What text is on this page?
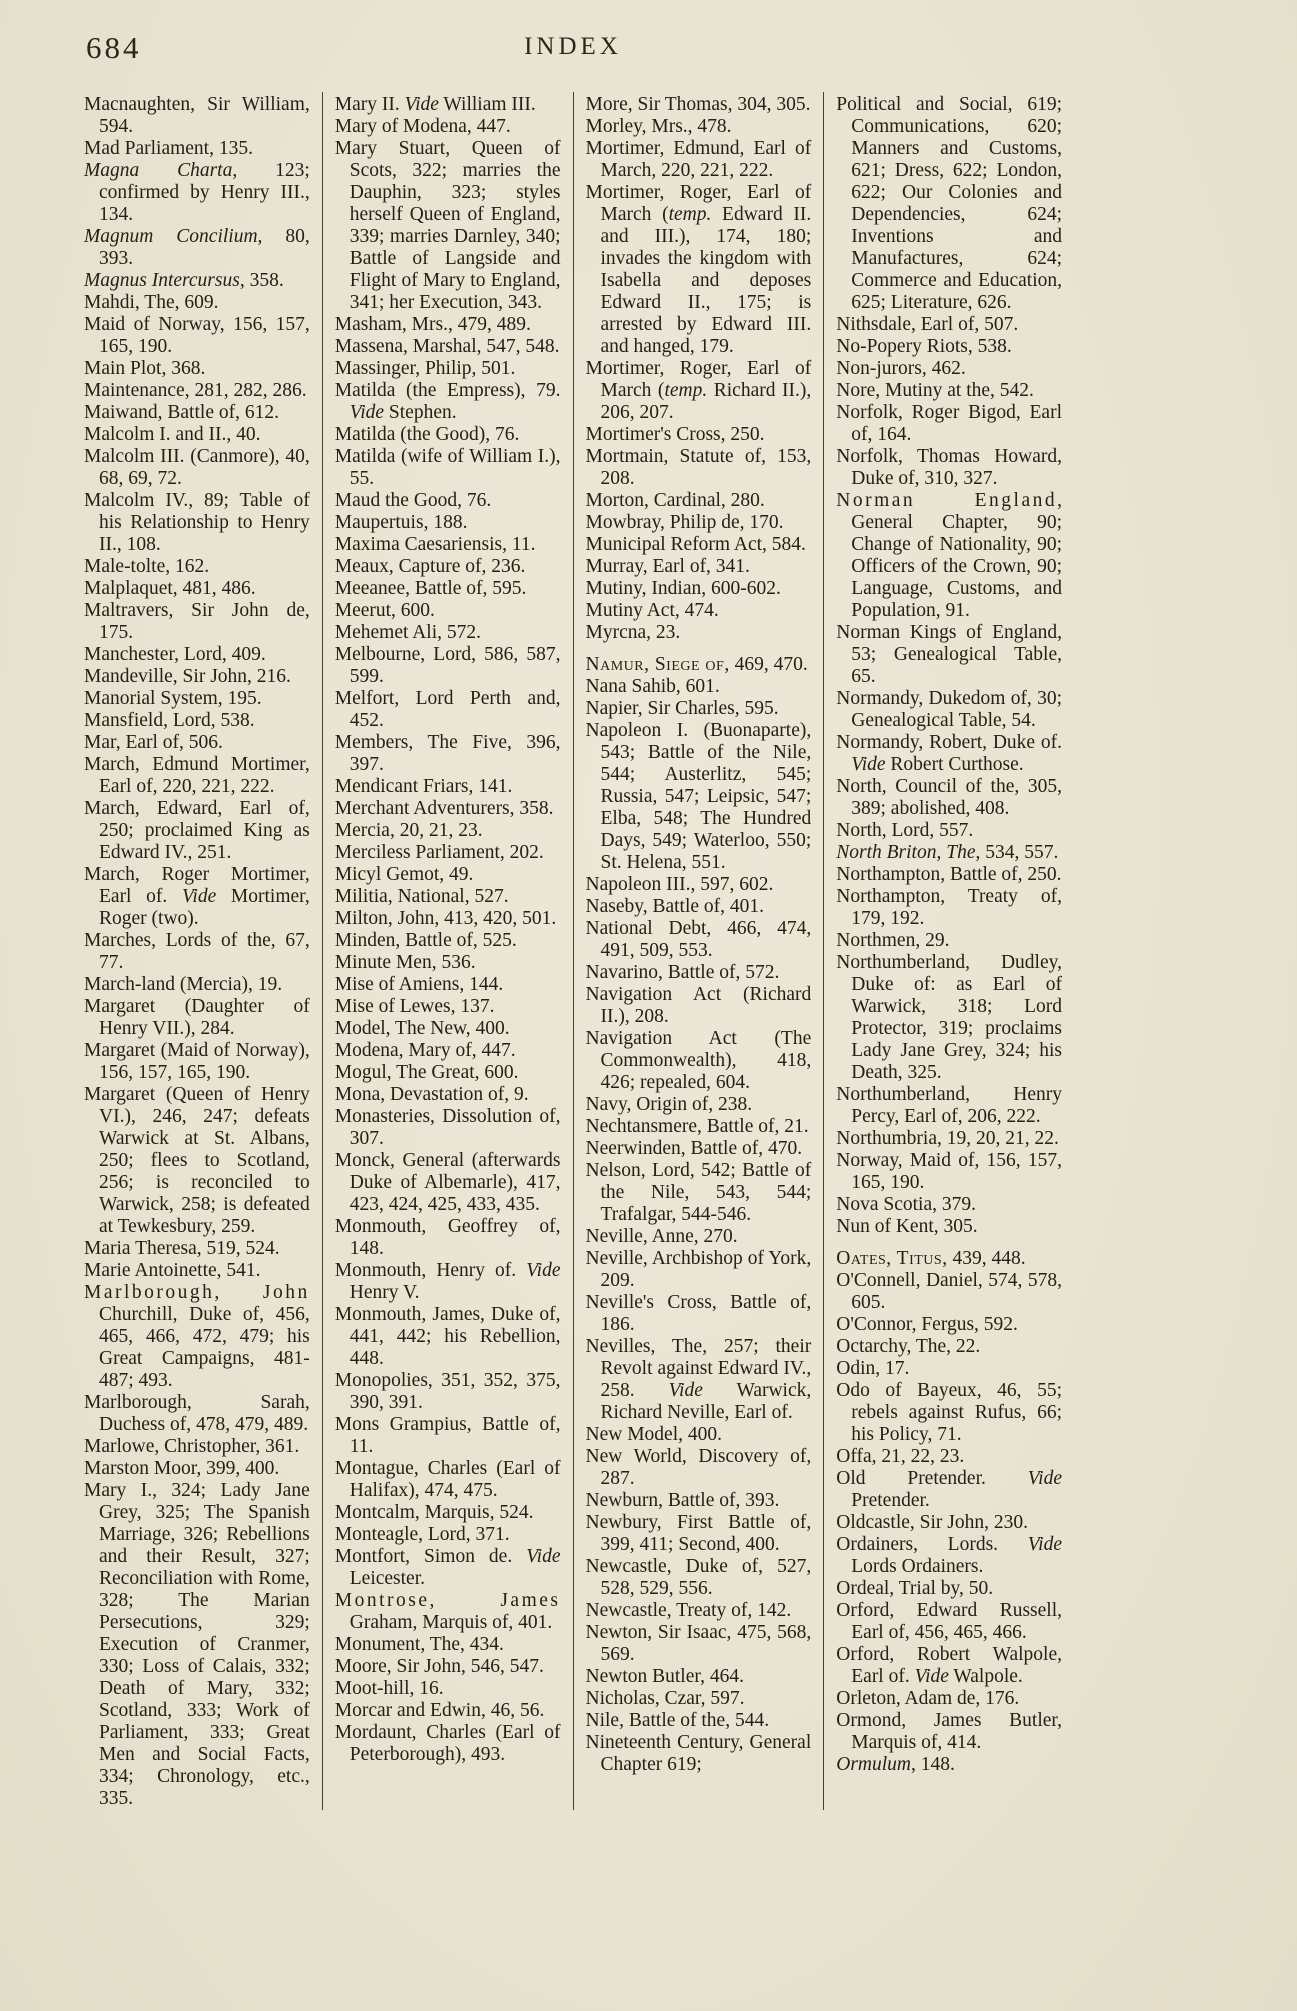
684	INDEX

Macnaughten, Sir William, 594.

Mad Parliament, 135.

Magna Charta, 123; confirmed by Henry III., 134.

Magnum Concilium, 80, 393.

Magnus Intercursus, 358.

Mahdi, The, 609.

Maid of Norway, 156, 157, 165, 190.

Main Plot, 368.

Maintenance, 281, 282, 286.

Maiwand, Battle of, 612.

Malcolm I. and II., 40.

Malcolm III. (Canmore), 40, 68, 69, 72.

Malcolm IV., 89; Table of his Relationship to Henry II., 108.

Male-tolte, 162.

Malplaquet, 481, 486.

Maltravers, Sir John de, 175.

Manchester, Lord, 409.

Mandeville, Sir John, 216.

Manorial System, 195.

Mansfield, Lord, 538.

Mar, Earl of, 506.

March, Edmund Mortimer, Earl of, 220, 221, 222.

March, Edward, Earl of, 250; proclaimed King as Edward IV., 251.

March, Roger Mortimer, Earl of. Vide Mortimer, Roger (two).

Marches, Lords of the, 67, 77.

March-land (Mercia), 19.

Margaret (Daughter of Henry VII.), 284.

Margaret (Maid of Norway), 156, 157, 165, 190.

Margaret (Queen of Henry VI.), 246, 247; defeats Warwick at St. Albans, 250; flees to Scotland, 256; is reconciled to Warwick, 258; is defeated at Tewkesbury, 259.

Maria Theresa, 519, 524.

Marie Antoinette, 541.

Marlborough, John Churchill, Duke of, 456, 465, 466, 472, 479; his Great Campaigns, 481-487; 493.

Marlborough, Sarah, Duchess of, 478, 479, 489.

Marlowe, Christopher, 361.

Marston Moor, 399, 400.

Mary I., 324; Lady Jane Grey, 325; The Spanish Marriage, 326; Rebellions and their Result, 327; Reconciliation with Rome, 328; The Marian Persecutions, 329; Execution of Cranmer, 330; Loss of Calais, 332; Death of Mary, 332; Scotland, 333; Work of Parliament, 333; Great Men and Social Facts, 334; Chronology, etc., 335.

Mary II. Vide William III.

Mary of Modena, 447.

Mary Stuart, Queen of Scots, 322; marries the Dauphin, 323; styles herself Queen of England, 339; marries Darnley, 340; Battle of Langside and Flight of Mary to England, 341; her Execution, 343.

Masham, Mrs., 479, 489.

Massena, Marshal, 547, 548.

Massinger, Philip, 501.

Matilda (the Empress), 79. Vide Stephen.

Matilda (the Good), 76.

Matilda (wife of William I.), 55.

Maud the Good, 76.

Maupertuis, 188.

Maxima Caesariensis, 11.

Meaux, Capture of, 236.

Meeanee, Battle of, 595.

Meerut, 600.

Mehemet Ali, 572.

Melbourne, Lord, 586, 587, 599.

Melfort, Lord Perth and, 452.

Members, The Five, 396, 397.

Mendicant Friars, 141.

Merchant Adventurers, 358.

Mercia, 20, 21, 23.

Merciless Parliament, 202.

Micyl Gemot, 49.

Militia, National, 527.

Milton, John, 413, 420, 501.

Minden, Battle of, 525.

Minute Men, 536.

Mise of Amiens, 144.

Mise of Lewes, 137.

Model, The New, 400.

Modena, Mary of, 447.

Mogul, The Great, 600.

Mona, Devastation of, 9.

Monasteries, Dissolution of, 307.

Monck, General (afterwards Duke of Albemarle), 417, 423, 424, 425, 433, 435.

Monmouth, Geoffrey of, 148.

Monmouth, Henry of. Vide Henry V.

Monmouth, James, Duke of, 441, 442; his Rebellion, 448.

Monopolies, 351, 352, 375, 390, 391.

Mons Grampius, Battle of, 11.

Montague, Charles (Earl of Halifax), 474, 475.

Montcalm, Marquis, 524.

Monteagle, Lord, 371.

Montfort, Simon de. Vide Leicester.

Montrose, James Graham, Marquis of, 401.

Monument, The, 434.

Moore, Sir John, 546, 547.

Moot-hill, 16.

Morcar and Edwin, 46, 56.

Mordaunt, Charles (Earl of Peterborough), 493.

More, Sir Thomas, 304, 305.

Morley, Mrs., 478.

Mortimer, Edmund, Earl of March, 220, 221, 222.

Mortimer, Roger, Earl of March (temp. Edward II. and III.), 174, 180; invades the kingdom with Isabella and deposes Edward II., 175; is arrested by Edward III. and hanged, 179.

Mortimer, Roger, Earl of March (temp. Richard II.), 206, 207.

Mortimer's Cross, 250.

Mortmain, Statute of, 153, 208.

Morton, Cardinal, 280.

Mowbray, Philip de, 170.

Municipal Reform Act, 584.

Murray, Earl of, 341.

Mutiny, Indian, 600-602.

Mutiny Act, 474.

Myrcna, 23.

Namur, Siege of, 469, 470.

Nana Sahib, 601.

Napier, Sir Charles, 595.

Napoleon I. (Buonaparte), 543; Battle of the Nile, 544; Austerlitz, 545; Russia, 547; Leipsic, 547; Elba, 548; The Hundred Days, 549; Waterloo, 550; St. Helena, 551.

Napoleon III., 597, 602.

Naseby, Battle of, 401.

National Debt, 466, 474, 491, 509, 553.

Navarino, Battle of, 572.

Navigation Act (Richard II.), 208.

Navigation Act (The Commonwealth), 418, 426; repealed, 604.

Navy, Origin of, 238.

Nechtansmere, Battle of, 21.

Neerwinden, Battle of, 470.

Nelson, Lord, 542; Battle of the Nile, 543, 544; Trafalgar, 544-546.

Neville, Anne, 270.

Neville, Archbishop of York, 209.

Neville's Cross, Battle of, 186.

Nevilles, The, 257; their Revolt against Edward IV., 258. Vide Warwick, Richard Neville, Earl of.

New Model, 400.

New World, Discovery of, 287.

Newburn, Battle of, 393.

Newbury, First Battle of, 399, 411; Second, 400.

Newcastle, Duke of, 527, 528, 529, 556.

Newcastle, Treaty of, 142.

Newton, Sir Isaac, 475, 568, 569.

Newton Butler, 464.

Nicholas, Czar, 597.

Nile, Battle of the, 544.

Nineteenth Century, General Chapter 619;

Political and Social, 619; Communications, 620; Manners and Customs, 621; Dress, 622; London, 622; Our Colonies and Dependencies, 624; Inventions and Manufactures, 624; Commerce and Education, 625; Literature, 626.

Nithsdale, Earl of, 507.

No-Popery Riots, 538.

Non-jurors, 462.

Nore, Mutiny at the, 542.

Norfolk, Roger Bigod, Earl of, 164.

Norfolk, Thomas Howard, Duke of, 310, 327.

Norman England, General Chapter, 90; Change of Nationality, 90; Officers of the Crown, 90; Language, Customs, and Population, 91.

Norman Kings of England, 53; Genealogical Table, 65.

Normandy, Dukedom of, 30; Genealogical Table, 54.

Normandy, Robert, Duke of. Vide Robert Curthose.

North, Council of the, 305, 389; abolished, 408.

North, Lord, 557.

North Briton, The, 534, 557.

Northampton, Battle of, 250.

Northampton, Treaty of, 179, 192.

Northmen, 29.

Northumberland, Dudley, Duke of: as Earl of Warwick, 318; Lord Protector, 319; proclaims Lady Jane Grey, 324; his Death, 325.

Northumberland, Henry Percy, Earl of, 206, 222.

Northumbria, 19, 20, 21, 22.

Norway, Maid of, 156, 157, 165, 190.

Nova Scotia, 379.

Nun of Kent, 305.

Oates, Titus, 439, 448.

O'Connell, Daniel, 574, 578, 605.

O'Connor, Fergus, 592.

Octarchy, The, 22.

Odin, 17.

Odo of Bayeux, 46, 55; rebels against Rufus, 66; his Policy, 71.

Offa, 21, 22, 23.

Old Pretender. Vide Pretender.

Oldcastle, Sir John, 230.

Ordainers, Lords. Vide Lords Ordainers.

Ordeal, Trial by, 50.

Orford, Edward Russell, Earl of, 456, 465, 466.

Orford, Robert Walpole, Earl of. Vide Walpole.

Orleton, Adam de, 176.

Ormond, James Butler, Marquis of, 414.

Ormulum, 148.
